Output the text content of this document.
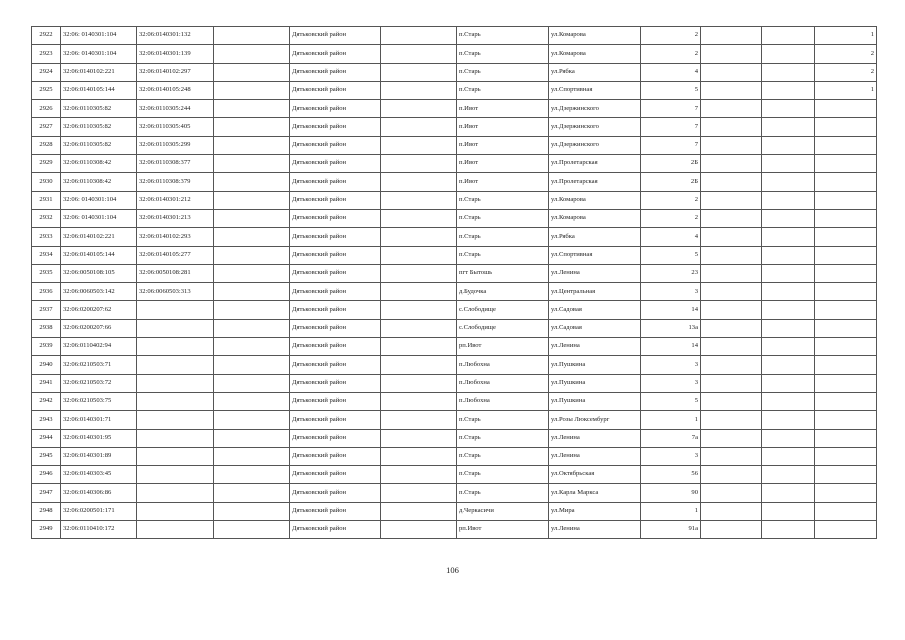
2922	32:06: 0140301:104	32:06:0140301:132		Дятьковский район		п.Старь	ул.Комарова	2			1
2923	32:06: 0140301:104	32:06:0140301:139		Дятьковский район		п.Старь	ул.Комарова	2			2
2924	32:06:0140102:221	32:06:0140102:297		Дятьковский район		п.Старь	ул.Рябка	4			2
2925	32:06:0140105:144	32:06:0140105:248		Дятьковский район		п.Старь	ул.Спортивная	5			1
2926	32:06:0110305:82	32:06:0110305:244		Дятьковский район		п.Ивот	ул.Дзержинского	7			
2927	32:06:0110305:82	32:06:0110305:405		Дятьковский район		п.Ивот	ул.Дзержинского	7			
2928	32:06:0110305:82	32:06:0110305:299		Дятьковский район		п.Ивот	ул.Дзержинского	7			
2929	32:06:0110308:42	32:06:0110308:377		Дятьковский район		п.Ивот	ул.Пролетарская	2Б			
2930	32:06:0110308:42	32:06:0110308:379		Дятьковский район		п.Ивот	ул.Пролетарская	2Б			
2931	32:06: 0140301:104	32:06:0140301:212		Дятьковский район		п.Старь	ул.Комарова	2			
2932	32:06: 0140301:104	32:06:0140301:213		Дятьковский район		п.Старь	ул.Комарова	2			
2933	32:06:0140102:221	32:06:0140102:293		Дятьковский район		п.Старь	ул.Рябка	4			
2934	32:06:0140105:144	32:06:0140105:277		Дятьковский район		п.Старь	ул.Спортивная	5			
2935	32:06:0050108:105	32:06:0050108:281		Дятьковский район		пгт Бытошь	ул.Ленина	23			
2936	32:06:0060503:142	32:06:0060503:313		Дятьковский район		д.Будочка	ул.Центральная	3			
2937	32:06:0200207:62			Дятьковский район		с.Слободище	ул.Садовая	14			
2938	32:06:0200207:66			Дятьковский район		с.Слободище	ул.Садовая	13а			
2939	32:06:0110402:94			Дятьковский район		рп.Ивот	ул.Ленина	14			
2940	32:06:0210503:71			Дятьковский район		п.Любохна	ул.Пушкина	3			
2941	32:06:0210503:72			Дятьковский район		п.Любохна	ул.Пушкина	3			
2942	32:06:0210503:75			Дятьковский район		п.Любохна	ул.Пушкина	5			
2943	32:06:0140301:71			Дятьковский район		п.Старь	ул.Розы Люксембург	1			
2944	32:06:0140301:95			Дятьковский район		п.Старь	ул.Ленина	7а			
2945	32:06:0140301:89			Дятьковский район		п.Старь	ул.Ленина	3			
2946	32:06:0140303:45			Дятьковский район		п.Старь	ул.Октябрьская	56			
2947	32:06:0140306:86			Дятьковский район		п.Старь	ул.Карла Маркса	90			
2948	32:06:0200501:171			Дятьковский район		д.Черкасичи	ул.Мира	1			
2949	32:06:0110410:172			Дятьковский район		рп.Ивот	ул.Ленина	91а			
106
